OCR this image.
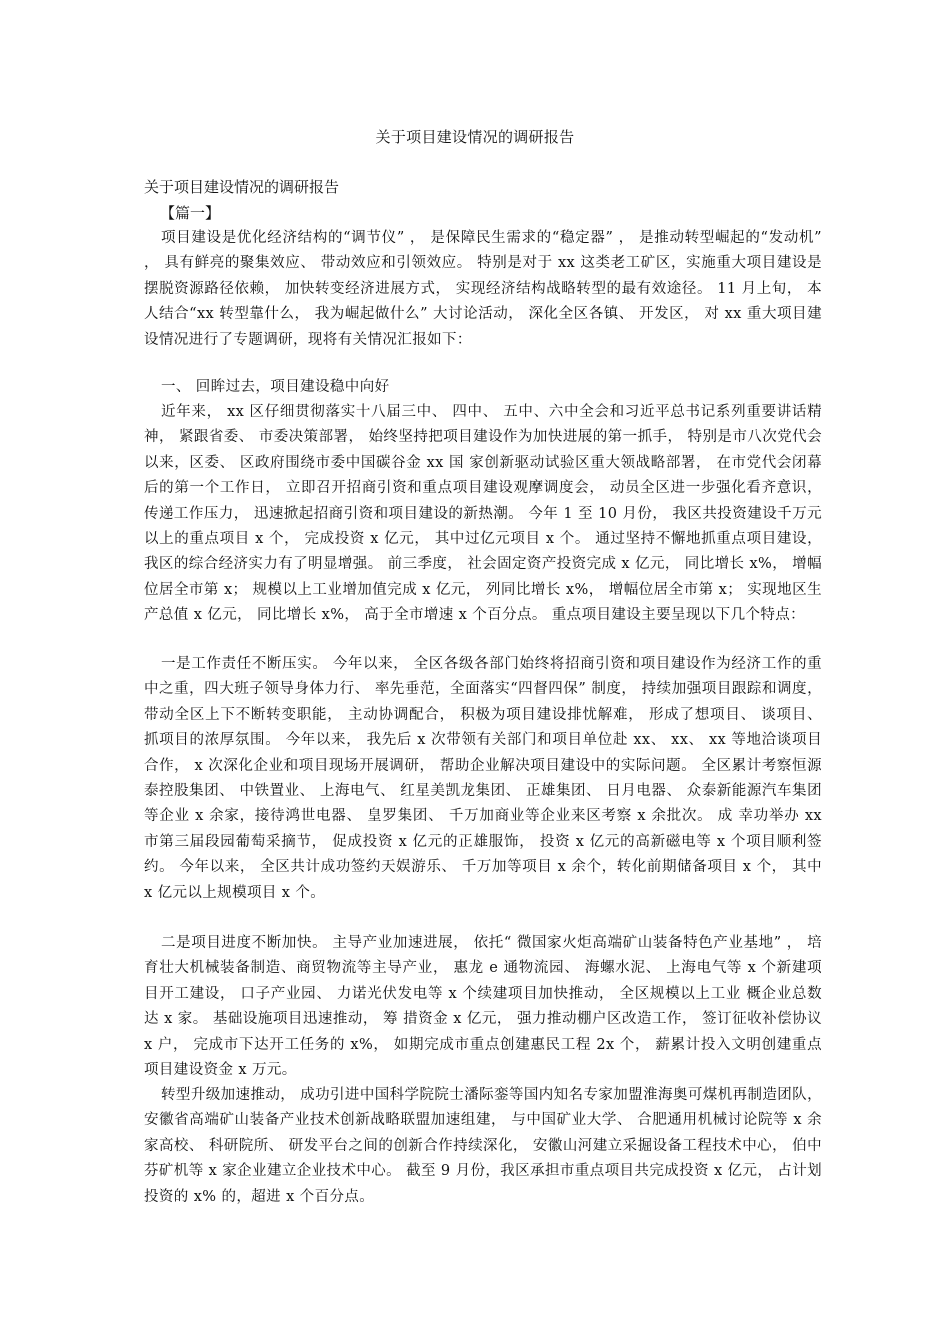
关于项目建设情况的调研报告
关于项目建设情况的调研报告
【篇一】

项目建设是优化经济结构的“调节仪” ， 是保障民生需求的“稳定器” ， 是推动转型崛起的“发动机” ， 具有鲜亮的聚集效应、 带动效应和引领效应。 特别是对于 xx 这类老工矿区，实施重大项目建设是摆脱资源路径依赖， 加快转变经济进展方式， 实现经济结构战略转型的最有效途径。 11 月上旬， 本人结合“xx 转型靠什么， 我为崛起做什么” 大讨论活动， 深化全区各镇、 开发区， 对 xx 重大项目建设情况进行了专题调研，现将有关情况汇报如下：

一、 回眸过去，项目建设稳中向好

近年来， xx 区仔细贯彻落实十八届三中、 四中、 五中、六中全会和习近平总书记系列重要讲话精神， 紧跟省委、 市委决策部署， 始终坚持把项目建设作为加快进展的第一抓手， 特别是市八次党代会以来，区委、 区政府围绕市委中国碳谷金 xx 国 家创新驱动试验区重大领战略部署， 在市党代会闭幕后的第一个工作日， 立即召开招商引资和重点项目建设观摩调度会， 动员全区进一步强化看齐意识， 传递工作压力， 迅速掀起招商引资和项目建设的新热潮。 今年 1 至 10 月份， 我区共投资建设千万元以上的重点项目 x 个， 完成投资 x 亿元， 其中过亿元项目 x 个。 通过坚持不懈地抓重点项目建设， 我区的综合经济实力有了明显增强。 前三季度， 社会固定资产投资完成 x 亿元， 同比增长 x%， 增幅位居全市第 x； 规模以上工业增加值完成 x 亿元， 列同比增长 x%， 增幅位居全市第 x； 实现地区生产总值 x 亿元， 同比增长 x%， 高于全市增速 x 个百分点。 重点项目建设主要呈现以下几个特点：

一是工作责任不断压实。 今年以来， 全区各级各部门始终将招商引资和项目建设作为经济工作的重中之重，四大班子领导身体力行、 率先垂范，全面落实“四督四保” 制度， 持续加强项目跟踪和调度， 带动全区上下不断转变职能， 主动协调配合， 积极为项目建设排忧解难， 形成了想项目、 谈项目、 抓项目的浓厚氛围。 今年以来， 我先后 x 次带领有关部门和项目单位赴 xx、 xx、 xx 等地洽谈项目合作， x 次深化企业和项目现场开展调研， 帮助企业解决项目建设中的实际问题。 全区累计考察恒源泰控股集团、 中铁置业、 上海电气、 红星美凯龙集团、 正雄集团、 日月电器、 众泰新能源汽车集团等企业 x 余家，接待鸿世电器、 皇罗集团、 千万加商业等企业来区考察 x 余批次。 成 幸功举办 xx 市第三届段园葡萄采摘节， 促成投资 x 亿元的正雄服饰， 投资 x 亿元的高新磁电等 x 个项目顺利签约。 今年以来， 全区共计成功签约天娱游乐、 千万加等项目 x 余个，转化前期储备项目 x 个， 其中 x 亿元以上规模项目 x 个。

二是项目进度不断加快。 主导产业加速进展， 依托“ 微国家火炬高端矿山装备特色产业基地” ， 培育壮大机械装备制造、商贸物流等主导产业， 惠龙 e 通物流园、 海螺水泥、 上海电气等 x 个新建项目开工建设， 口子产业园、 力诺光伏发电等 x 个续建项目加快推动， 全区规模以上工业 概企业总数达 x 家。 基础设施项目迅速推动， 筹 措资金 x 亿元， 强力推动棚户区改造工作， 签订征收补偿协议 x 户， 完成市下达开工任务的 x%， 如期完成市重点创建惠民工程 2x 个， 薪累计投入文明创建重点项目建设资金 x 万元。

转型升级加速推动， 成功引进中国科学院院士潘际銮等国内知名专家加盟淮海奥可煤机再制造团队， 安徽省高端矿山装备产业技术创新战略联盟加速组建， 与中国矿业大学、 合肥通用机械讨论院等 x 余家高校、 科研院所、 研发平台之间的创新合作持续深化， 安徽山河建立采掘设备工程技术中心， 伯中芬矿机等 x 家企业建立企业技术中心。 截至 9 月份，我区承担市重点项目共完成投资 x 亿元， 占计划投资的 x% 的，超进 x 个百分点。
